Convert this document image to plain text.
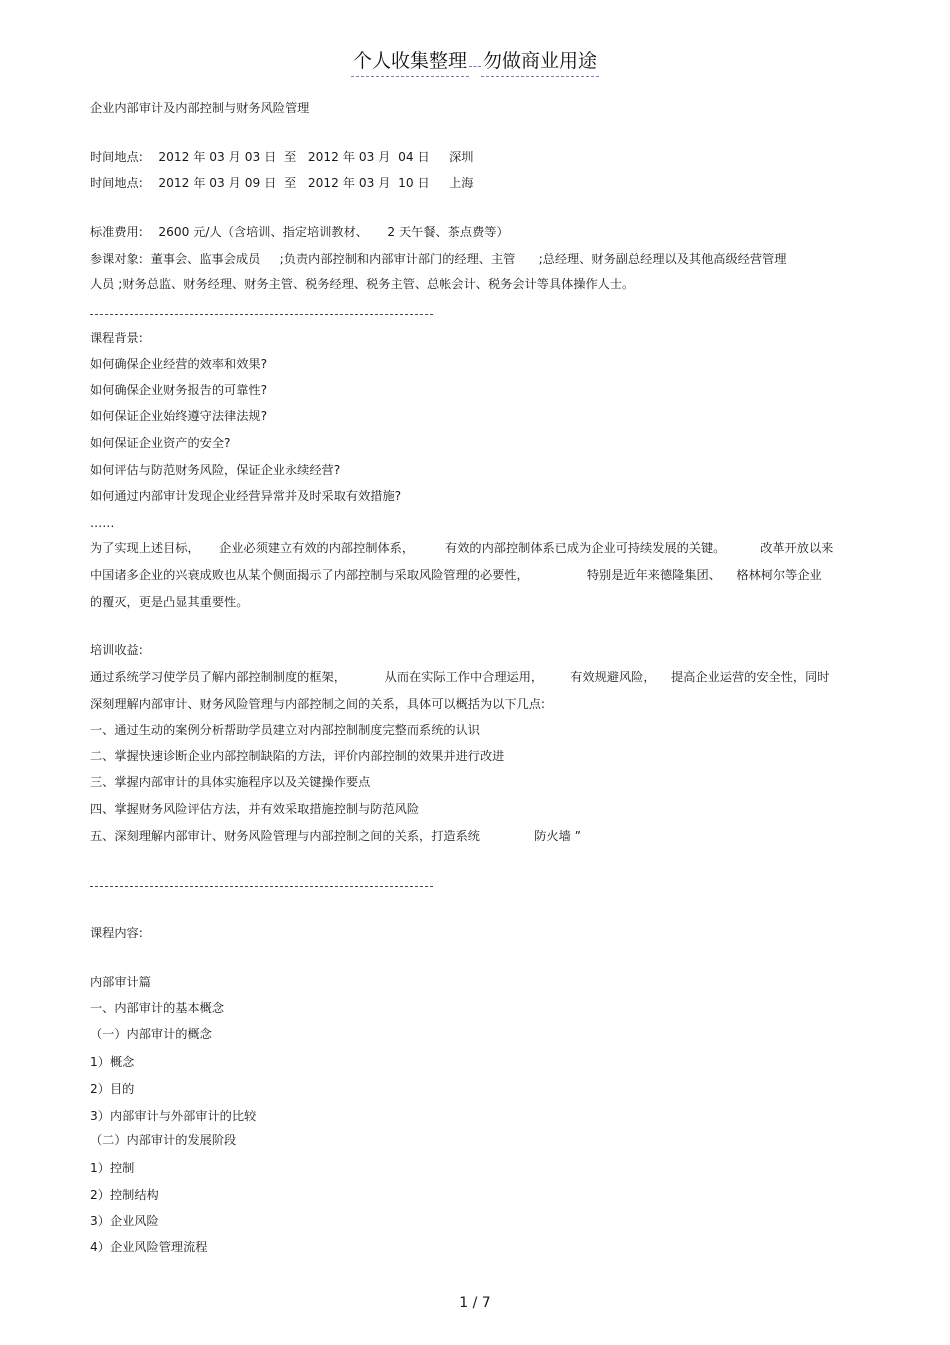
个人收集整理 勿做商业用途
企业内部审计及内部控制与财务风险管理
时间地点:    2012 年 03 月 03 日  至   2012 年 03 月  04 日     深圳
时间地点:    2012 年 03 月 09 日  至   2012 年 03 月  10 日     上海
标准费用:    2600 元/人（含培训、指定培训教材、     2 天午餐、茶点费等）
参课对象:  董事会、监事会成员     ;负责内部控制和内部审计部门的经理、主管      ;总经理、财务副总经理以及其他高级经营管理
人员 ;财务总监、财务经理、财务主管、税务经理、税务主管、总帐会计、税务会计等具体操作人士。
课程背景:
如何确保企业经营的效率和效果?
如何确保企业财务报告的可靠性?
如何保证企业始终遵守法律法规?
如何保证企业资产的安全?
如何评估与防范财务风险，保证企业永续经营?
如何通过内部审计发现企业经营异常并及时采取有效措施?
……
为了实现上述目标，     企业必须建立有效的内部控制体系，        有效的内部控制体系已成为企业可持续发展的关键。         改革开放以来
中国诸多企业的兴衰成败也从某个侧面揭示了内部控制与采取风险管理的必要性，               特别是近年来德隆集团、    格林柯尔等企业
的覆灭，更是凸显其重要性。
培训收益:
通过系统学习使学员了解内部控制制度的框架，          从而在实际工作中合理运用，       有效规避风险，    提高企业运营的安全性，同时
深刻理解内部审计、财务风险管理与内部控制之间的关系，具体可以概括为以下几点:
一、通过生动的案例分析帮助学员建立对内部控制制度完整而系统的认识
二、掌握快速诊断企业内部控制缺陷的方法，评价内部控制的效果并进行改进
三、掌握内部审计的具体实施程序以及关键操作要点
四、掌握财务风险评估方法，并有效采取措施控制与防范风险
五、深刻理解内部审计、财务风险管理与内部控制之间的关系，打造系统              防火墙 ”
课程内容:
内部审计篇
一、内部审计的基本概念
（一）内部审计的概念
1）概念
2）目的
3）内部审计与外部审计的比较
（二）内部审计的发展阶段
1）控制
2）控制结构
3）企业风险
4）企业风险管理流程
1 / 7
